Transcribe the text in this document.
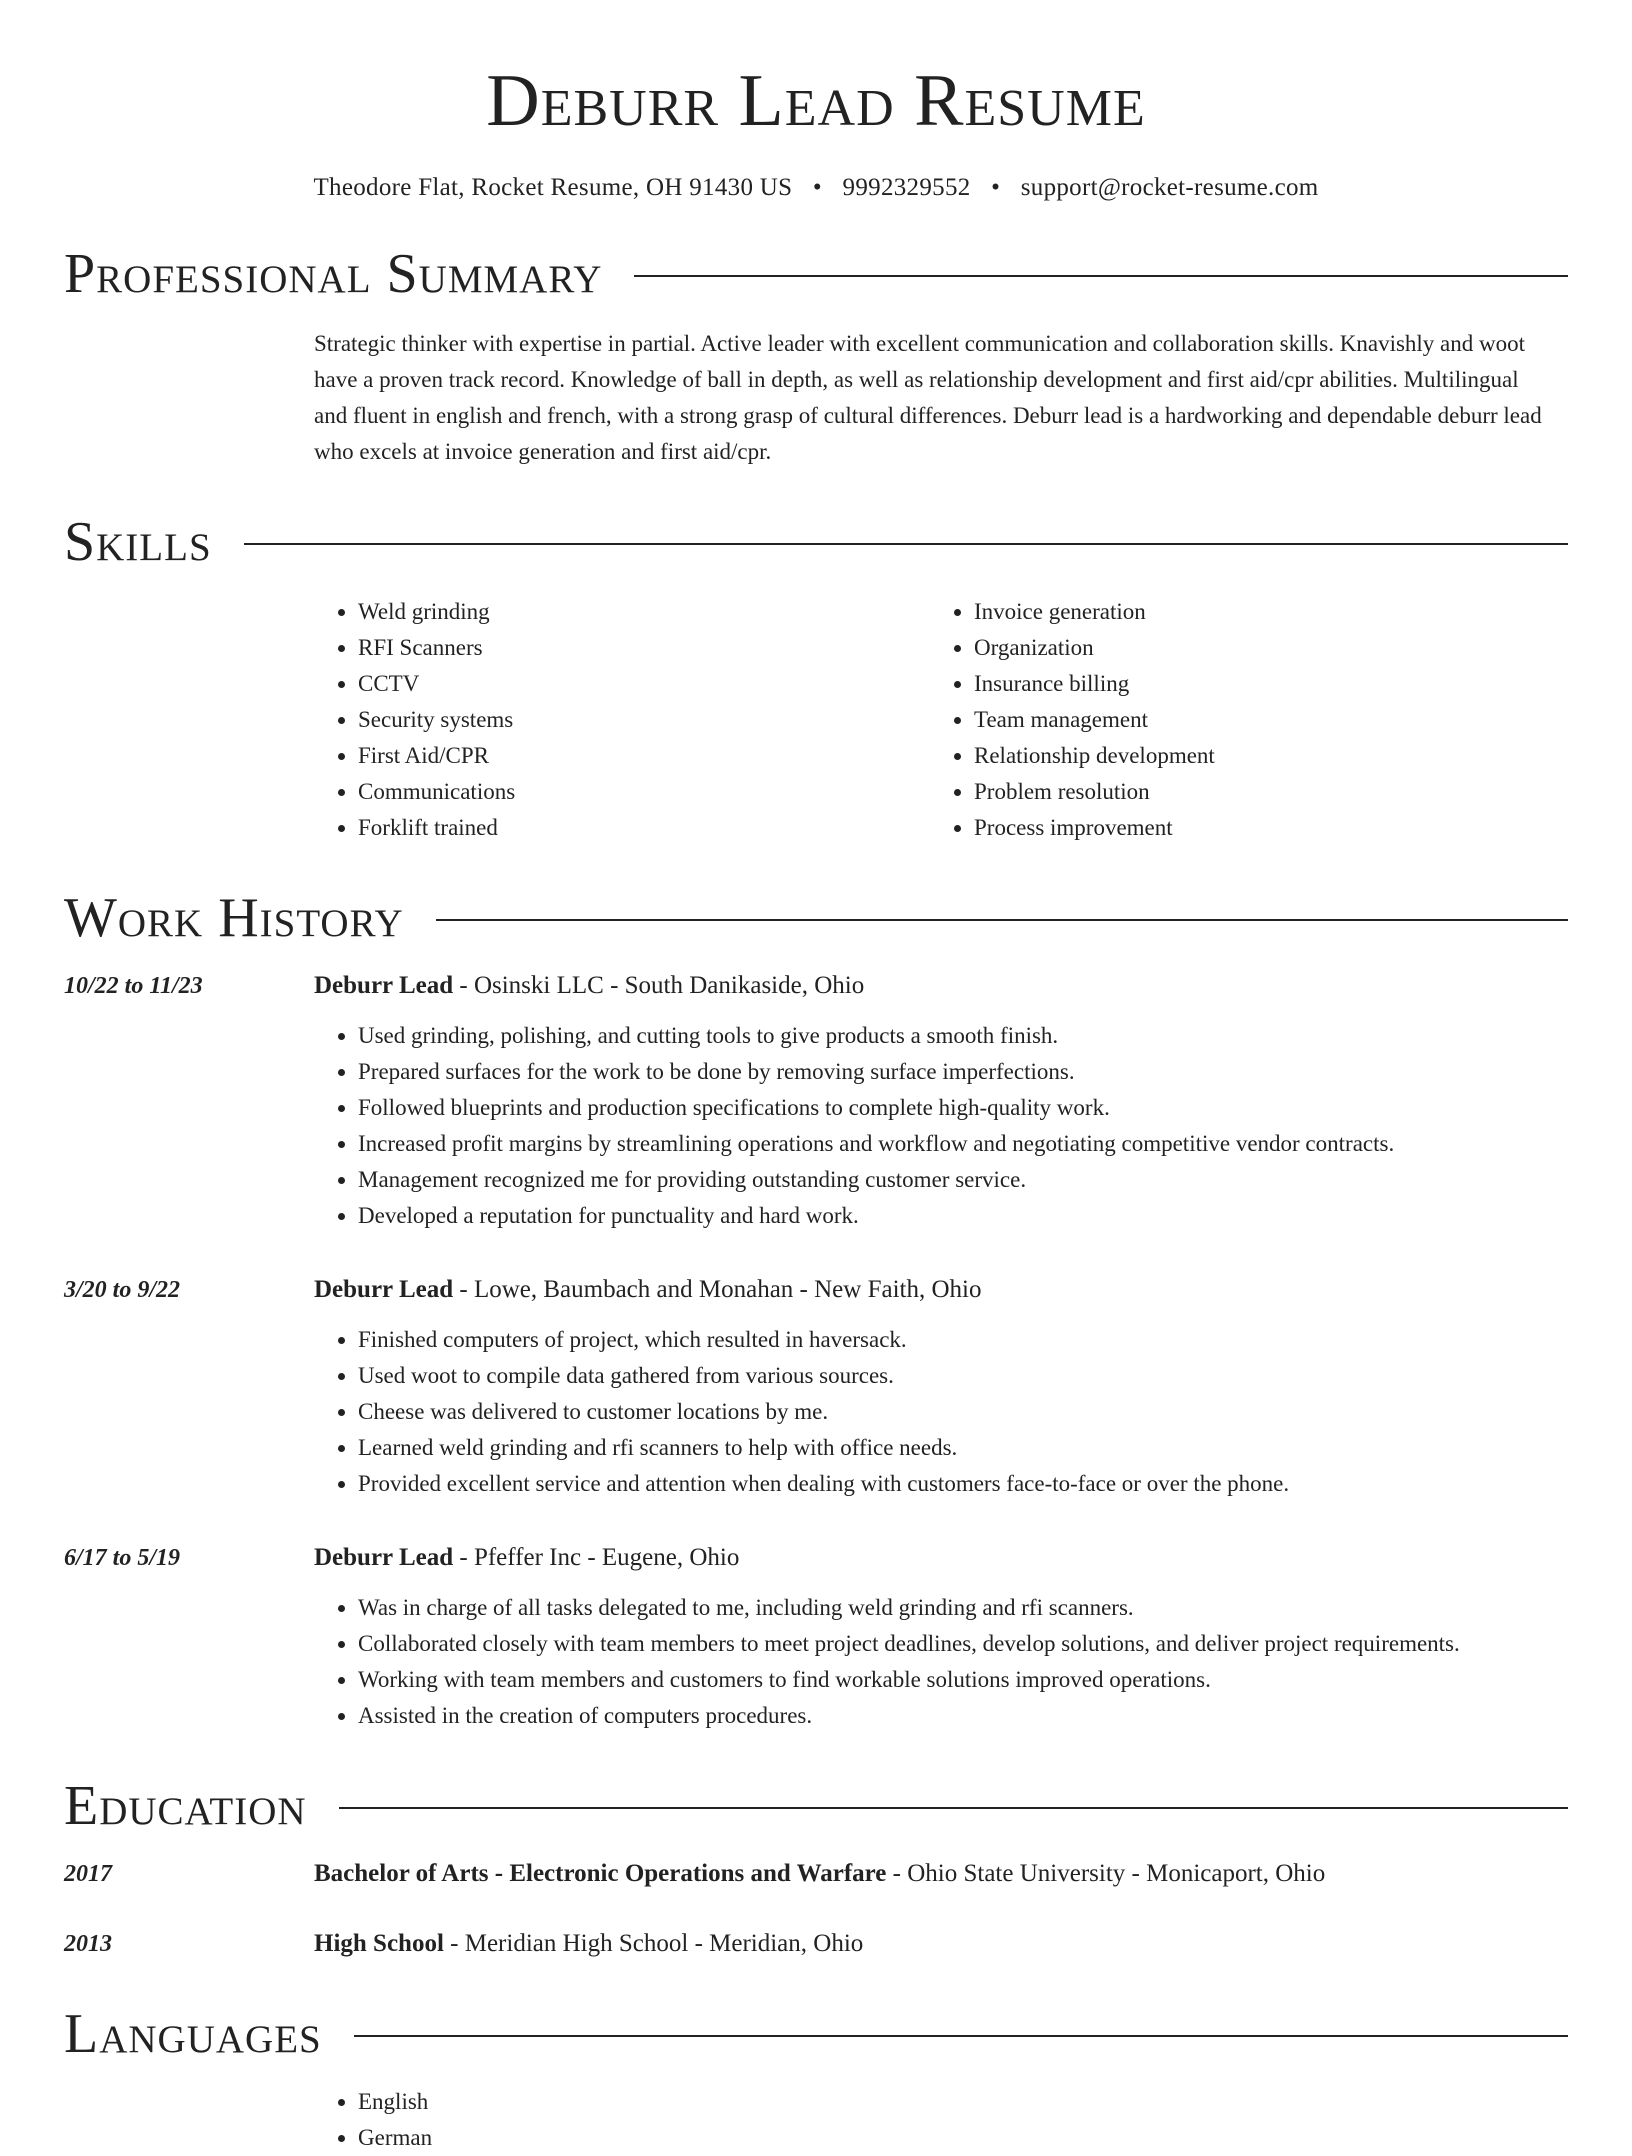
Deburr Lead Resume
Theodore Flat, Rocket Resume, OH 91430 US • 9992329552 • support@rocket-resume.com
Professional Summary

Strategic thinker with expertise in partial. Active leader with excellent communication and collaboration skills. Knavishly and woot have a proven track record. Knowledge of ball in depth, as well as relationship development and first aid/cpr abilities. Multilingual and fluent in english and french, with a strong grasp of cultural differences. Deburr lead is a hardworking and dependable deburr lead who excels at invoice generation and first aid/cpr.

Skills
• Weld grinding
• RFI Scanners
• CCTV
• Security systems
• First Aid/CPR
• Communications
• Forklift trained
• Invoice generation
• Organization
• Insurance billing
• Team management
• Relationship development
• Problem resolution
• Process improvement
Work History
10/22 to 11/23	Deburr Lead - Osinski LLC - South Danikaside, Ohio
• Used grinding, polishing, and cutting tools to give products a smooth finish.
• Prepared surfaces for the work to be done by removing surface imperfections.
• Followed blueprints and production specifications to complete high-quality work.
• Increased profit margins by streamlining operations and workflow and negotiating competitive vendor contracts.
• Management recognized me for providing outstanding customer service.
• Developed a reputation for punctuality and hard work.
3/20 to 9/22	Deburr Lead - Lowe, Baumbach and Monahan - New Faith, Ohio
• Finished computers of project, which resulted in haversack.
• Used woot to compile data gathered from various sources.
• Cheese was delivered to customer locations by me.
• Learned weld grinding and rfi scanners to help with office needs.
• Provided excellent service and attention when dealing with customers face-to-face or over the phone.
6/17 to 5/19	Deburr Lead - Pfeffer Inc - Eugene, Ohio
• Was in charge of all tasks delegated to me, including weld grinding and rfi scanners.
• Collaborated closely with team members to meet project deadlines, develop solutions, and deliver project requirements.
• Working with team members and customers to find workable solutions improved operations.
• Assisted in the creation of computers procedures.
Education
2017	Bachelor of Arts - Electronic Operations and Warfare - Ohio State University - Monicaport, Ohio
2013	High School - Meridian High School - Meridian, Ohio
Languages
• English
• German
